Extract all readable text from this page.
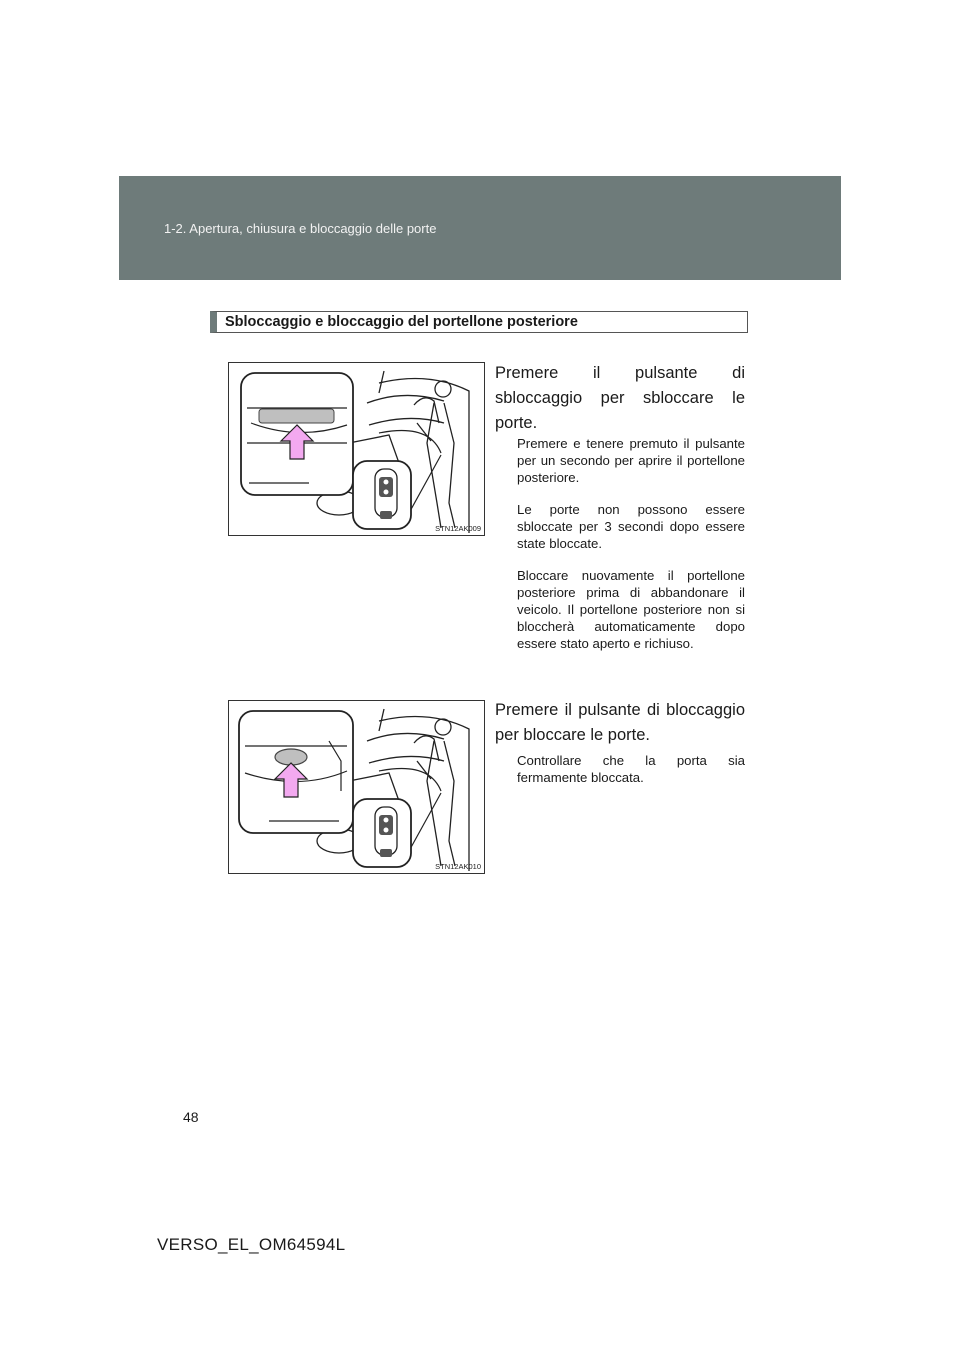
1-2. Apertura, chiusura e bloccaggio delle porte
Sbloccaggio e bloccaggio del portellone posteriore
STN12AK009
Premere il pulsante di sbloccaggio per sbloccare le porte.
Premere e tenere premuto il pulsante per un secondo per aprire il portellone posteriore.
Le porte non possono essere sbloccate per 3 secondi dopo essere state bloccate.
Bloccare nuovamente il portellone posteriore prima di abbandonare il veicolo. Il portellone posteriore non si bloccherà automaticamente dopo essere stato aperto e richiuso.
STN12AK010
Premere il pulsante di bloccaggio per bloccare le porte.
Controllare che la porta sia fermamente bloccata.
48
VERSO_EL_OM64594L
